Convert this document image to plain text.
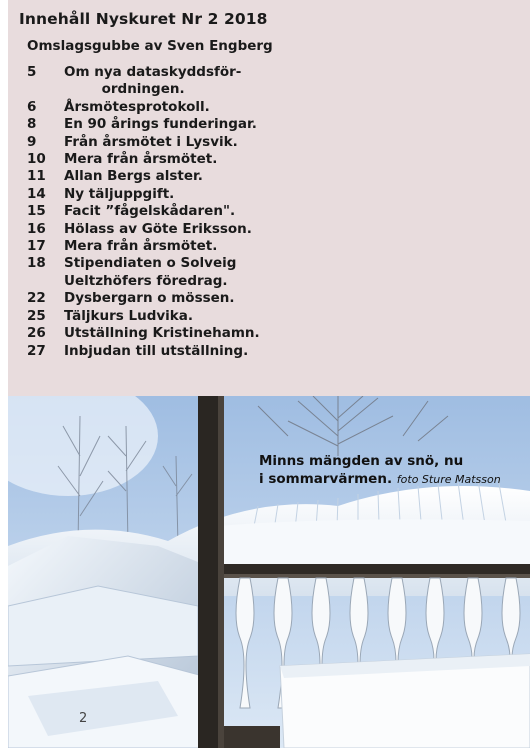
Innehåll Nyskuret Nr 2 2018
Omslagsgubbe av Sven Engberg
5	Om nya dataskyddsför-
ordningen.
6	Årsmötesprotokoll.
8	En 90 årings funderingar.
9	Från årsmötet i Lysvik.
10	Mera från årsmötet.
11	Allan Bergs alster.
14	Ny täljuppgift.
15	Facit ”fågelskådaren".
16	Hölass av Göte Eriksson.
17	Mera från årsmötet.
18	Stipendiaten o Solveig
Ueltzhöfers föredrag.
22	Dysbergarn o mössen.
25	Täljkurs Ludvika.
26	Utställning Kristinehamn.
27	Inbjudan till utställning.
Minns mängden av snö, nu
i sommarvärmen. foto Sture Matsson
2
